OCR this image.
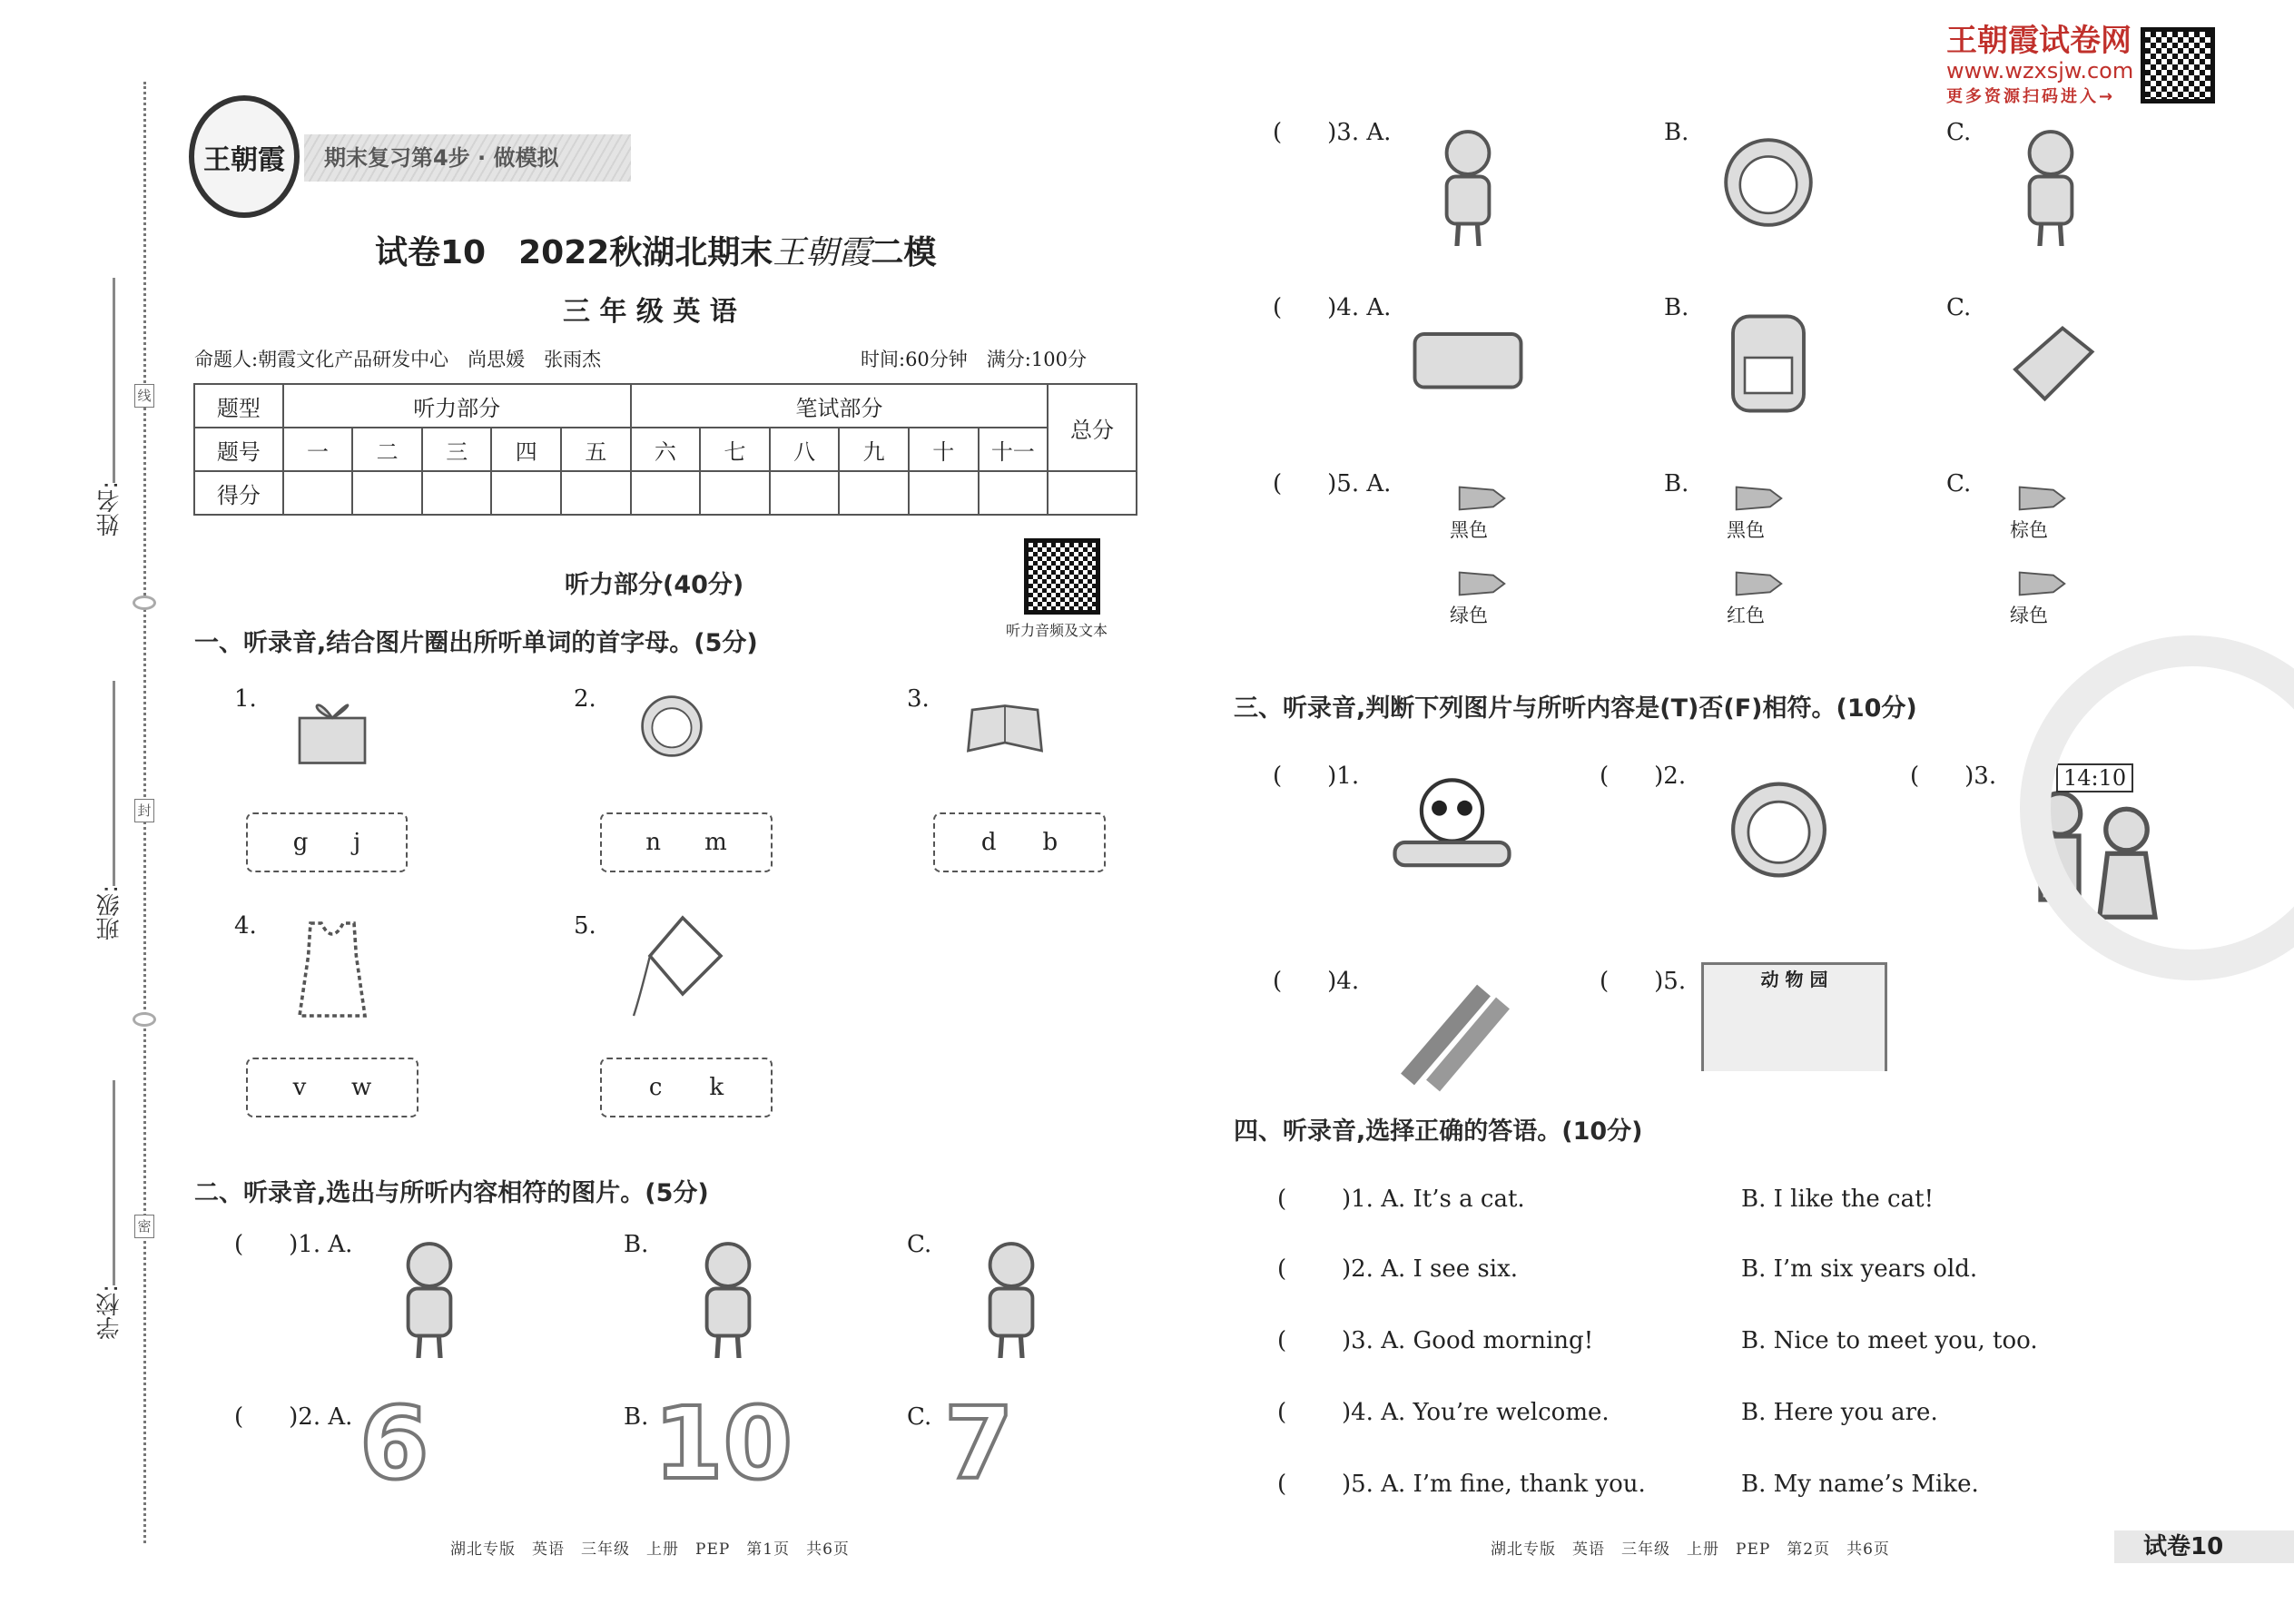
姓名:
班级:
学校:
线
封
密
王朝霞	期末复习第4步 · 做模拟
试卷10　2022秋湖北期末王朝霞二模
三 年 级 英 语
命题人:朝霞文化产品研发中心　尚思媛　张雨杰	时间:60分钟　满分:100分
王朝霞试卷网
www.wzxsjw.com
更多资源扫码进入→
题型	听力部分					笔试部分						总分
题号	一	二	三	四	五	六	七	八	九	十	十一	
得分												
听力部分(40分)
听力音频及文本
一、听录音,结合图片圈出所听单词的首字母。(5分)
1.
g j
2.
n m
3.
d b
4.
v w
5.
c k
二、听录音,选出与所听内容相符的图片。(5分)
( )1. A.	B.	C.
( )2. A.	B.	C.
6 10 7
( )3. A.	B.	C.
( )4. A.	B.	C.
( )5. A.	B.	C.
黑色
绿色
黑色
红色
棕色
绿色
三、听录音,判断下列图片与所听内容是(T)否(F)相符。(10分)
( )1.	( )2.	( )3.
( )4.	( )5.	动 物 园
14:10
四、听录音,选择正确的答语。(10分)
( )1. A. It’s a cat.	B. I like the cat!
( )2. A. I see six.	B. I’m six years old.
( )3. A. Good morning!	B. Nice to meet you, too.
( )4. A. You’re welcome.	B. Here you are.
( )5. A. I’m fine, thank you.	B. My name’s Mike.
湖北专版　英语　三年级　上册　PEP　第1页　共6页	湖北专版　英语　三年级　上册　PEP　第2页　共6页	试卷10
